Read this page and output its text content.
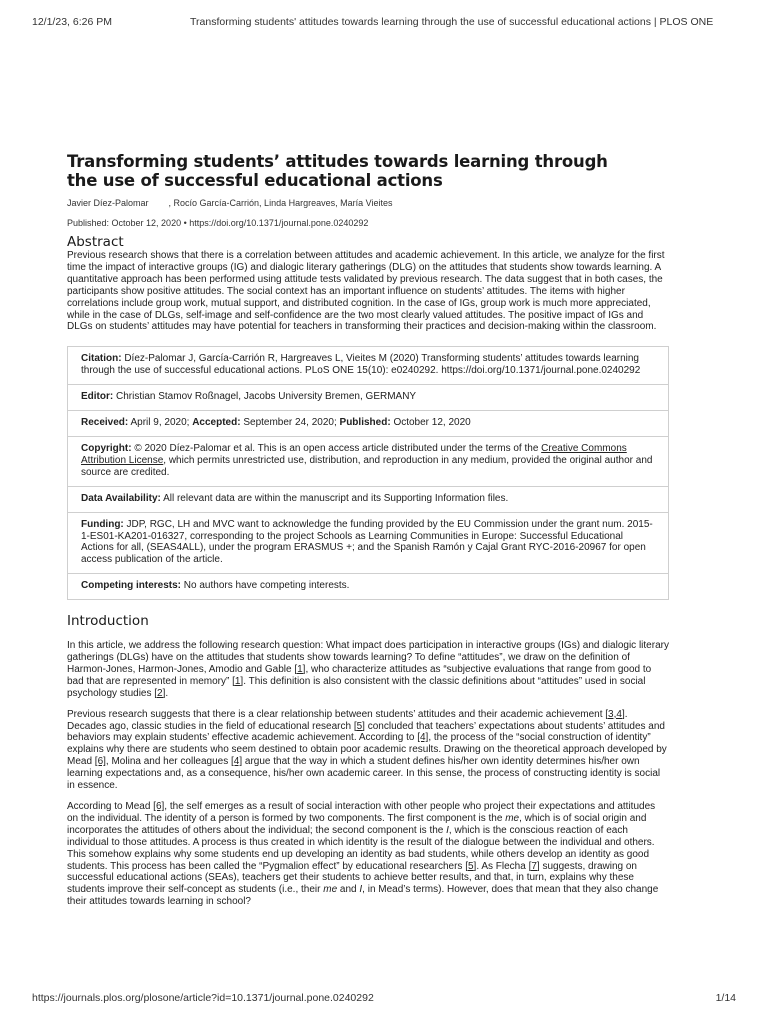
12/1/23, 6:26 PM	Transforming students' attitudes towards learning through the use of successful educational actions | PLOS ONE
Transforming students’ attitudes towards learning through
the use of successful educational actions
Javier Díez-Palomar , Rocío García-Carrión, Linda Hargreaves, María Vieites
Published: October 12, 2020 • https://doi.org/10.1371/journal.pone.0240292
Abstract

Previous research shows that there is a correlation between attitudes and academic achievement. In this article, we analyze for the first time the impact of interactive groups (IG) and dialogic literary gatherings (DLG) on the attitudes that students show towards learning. A quantitative approach has been performed using attitude tests validated by previous research. The data suggest that in both cases, the participants show positive attitudes. The social context has an important influence on students’ attitudes. The items with higher correlations include group work, mutual support, and distributed cognition. In the case of IGs, group work is much more appreciated, while in the case of DLGs, self-image and self-confidence are the two most clearly valued attitudes. The positive impact of IGs and DLGs on students’ attitudes may have potential for teachers in transforming their practices and decision-making within the classroom.

Citation: Díez-Palomar J, García-Carrión R, Hargreaves L, Vieites M (2020) Transforming students’ attitudes towards learning through the use of successful educational actions. PLoS ONE 15(10): e0240292. https://doi.org/10.1371/journal.pone.0240292
Editor: Christian Stamov Roßnagel, Jacobs University Bremen, GERMANY
Received: April 9, 2020; Accepted: September 24, 2020; Published: October 12, 2020
Copyright: © 2020 Díez-Palomar et al. This is an open access article distributed under the terms of the Creative Commons Attribution License, which permits unrestricted use, distribution, and reproduction in any medium, provided the original author and source are credited.
Data Availability: All relevant data are within the manuscript and its Supporting Information files.
Funding: JDP, RGC, LH and MVC want to acknowledge the funding provided by the EU Commission under the grant num. 2015-1-ES01-KA201-016327, corresponding to the project Schools as Learning Communities in Europe: Successful Educational Actions for all, (SEAS4ALL), under the program ERASMUS +; and the Spanish Ramón y Cajal Grant RYC-2016-20967 for open access publication of the article.
Competing interests: No authors have competing interests.
Introduction

In this article, we address the following research question: What impact does participation in interactive groups (IGs) and dialogic literary gatherings (DLGs) have on the attitudes that students show towards learning? To define “attitudes”, we draw on the definition of Harmon-Jones, Harmon-Jones, Amodio and Gable [1], who characterize attitudes as “subjective evaluations that range from good to bad that are represented in memory” [1]. This definition is also consistent with the classic definitions about “attitudes” used in social psychology studies [2].

Previous research suggests that there is a clear relationship between students’ attitudes and their academic achievement [3,4]. Decades ago, classic studies in the field of educational research [5] concluded that teachers’ expectations about students’ attitudes and behaviors may explain students’ effective academic achievement. According to [4], the process of the “social construction of identity” explains why there are students who seem destined to obtain poor academic results. Drawing on the theoretical approach developed by Mead [6], Molina and her colleagues [4] argue that the way in which a student defines his/her own identity determines his/her own learning expectations and, as a consequence, his/her own academic career. In this sense, the process of constructing identity is social in essence.

According to Mead [6], the self emerges as a result of social interaction with other people who project their expectations and attitudes on the individual. The identity of a person is formed by two components. The first component is the me, which is of social origin and incorporates the attitudes of others about the individual; the second component is the I, which is the conscious reaction of each individual to those attitudes. A process is thus created in which identity is the result of the dialogue between the individual and others. This somehow explains why some students end up developing an identity as bad students, while others develop an identity as good students. This process has been called the “Pygmalion effect” by educational researchers [5]. As Flecha [7] suggests, drawing on successful educational actions (SEAs), teachers get their students to achieve better results, and that, in turn, explains why these students improve their self-concept as students (i.e., their me and I, in Mead’s terms). However, does that mean that they also change their attitudes towards learning in school?

https://journals.plos.org/plosone/article?id=10.1371/journal.pone.0240292	1/14
